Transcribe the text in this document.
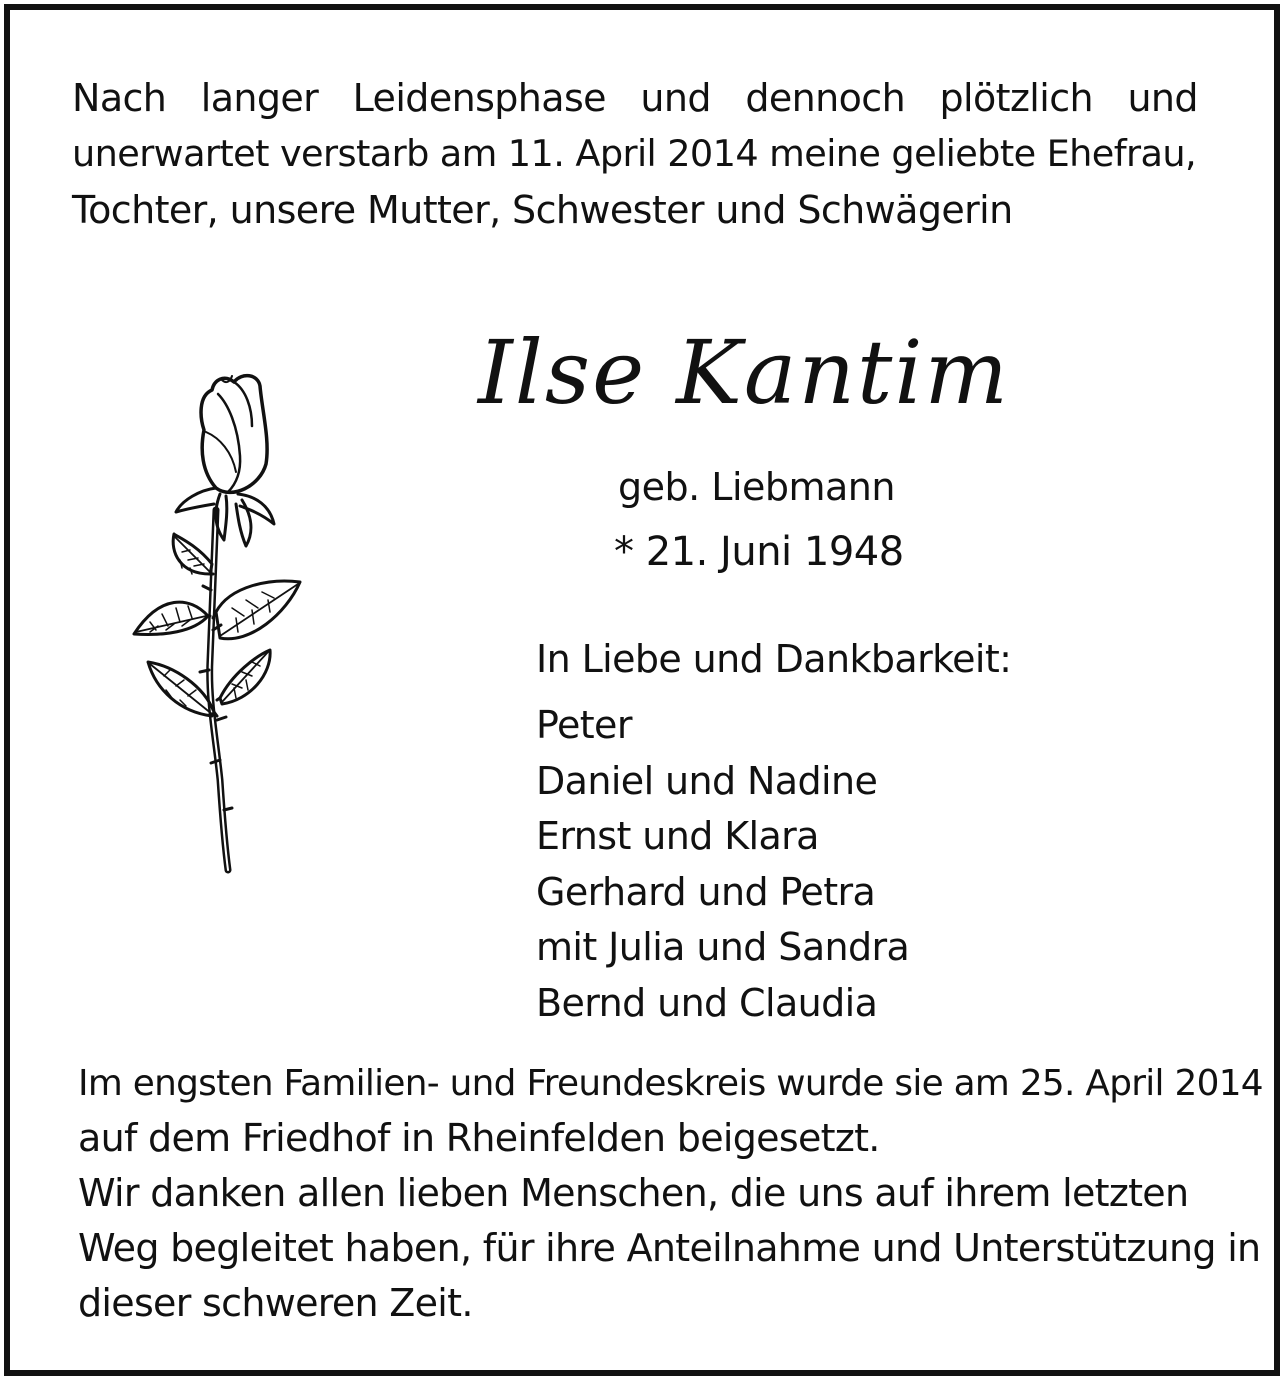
Nach langer Leidensphase und dennoch plötzlich und
unerwartet verstarb am 11. April 2014 meine geliebte Ehefrau,
Tochter, unsere Mutter, Schwester und Schwägerin
Ilse Kantim
geb. Liebmann
* 21. Juni 1948
In Liebe und Dankbarkeit:
Peter
Daniel und Nadine
Ernst und Klara
Gerhard und Petra
mit Julia und Sandra
Bernd und Claudia
Im engsten Familien- und Freundeskreis wurde sie am 25. April 2014
auf dem Friedhof in Rheinfelden beigesetzt.
Wir danken allen lieben Menschen, die uns auf ihrem letzten
Weg begleitet haben, für ihre Anteilnahme und Unterstützung in
dieser schweren Zeit.
